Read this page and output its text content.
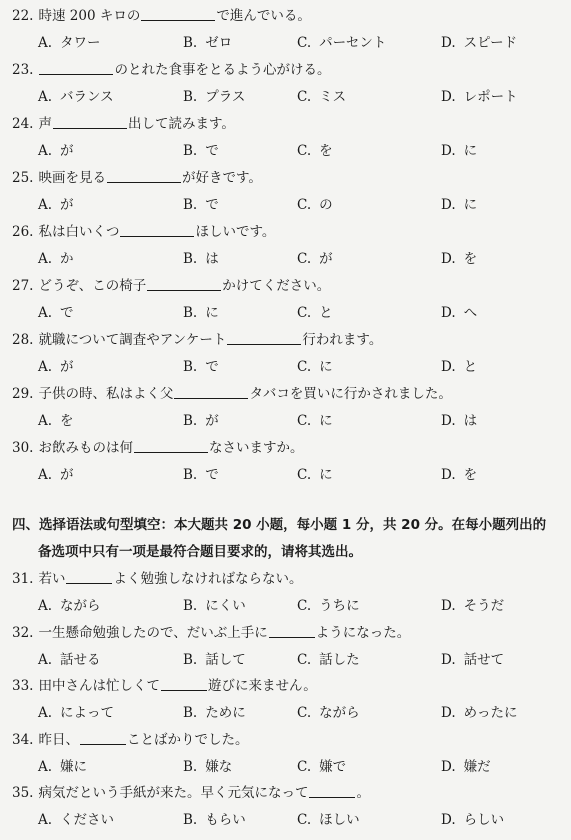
22. 時速 200 キロの	で進んでいる。
A. タワー	B. ゼロ	C. パーセント	D. スピード
23.	のとれた食事をとるよう心がける。
A. バランス	B. プラス	C. ミス	D. レポート
24. 声	出して読みます。
A. が	B. で	C. を	D. に
25. 映画を見る	が好きです。
A. が	B. で	C. の	D. に
26. 私は白いくつ	ほしいです。
A. か	B. は	C. が	D. を
27. どうぞ、この椅子	かけてください。
A. で	B. に	C. と	D. へ
28. 就職について調査やアンケート	行われます。
A. が	B. で	C. に	D. と
29. 子供の時、私はよく父	タバコを買いに行かされました。
A. を	B. が	C. に	D. は
30. お飲みものは何	なさいますか。
A. が	B. で	C. に	D. を
四、选择语法或句型填空：本大题共 20 小题，每小题 1 分，共 20 分。在每小题列出的
备选项中只有一项是最符合题目要求的，请将其选出。
31. 若い	よく勉強しなければならない。
A. ながら	B. にくい	C. うちに	D. そうだ
32. 一生懸命勉強したので、だいぶ上手に	ようになった。
A. 話せる	B. 話して	C. 話した	D. 話せて
33. 田中さんは忙しくて	遊びに来ません。
A. によって	B. ために	C. ながら	D. めったに
34. 昨日、	ことばかりでした。
A. 嫌に	B. 嫌な	C. 嫌で	D. 嫌だ
35. 病気だという手紙が来た。早く元気になって	。
A. ください	B. もらい	C. ほしい	D. らしい
